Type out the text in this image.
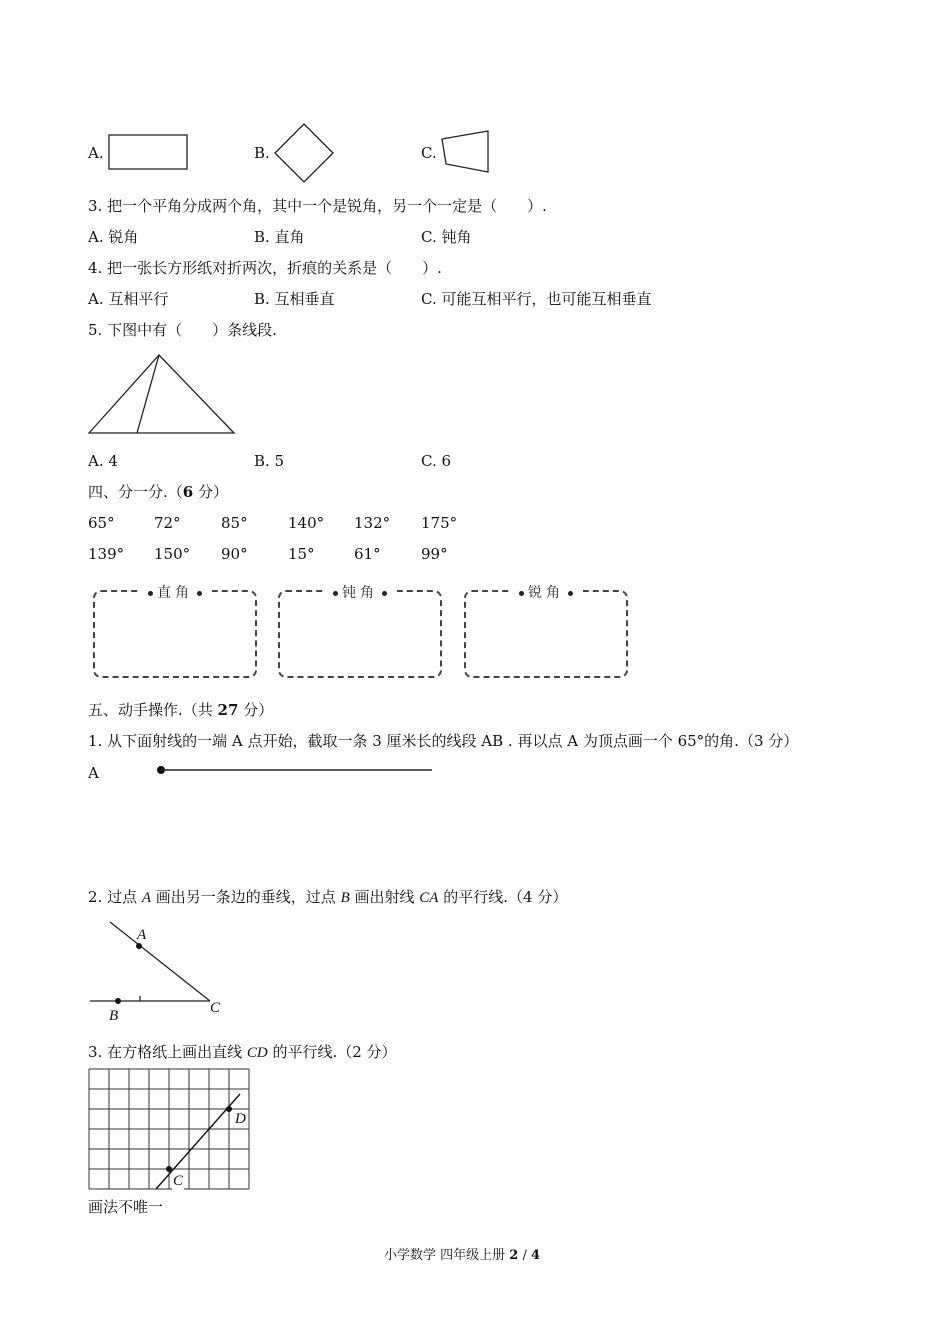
A.	B.	C.
3. 把一个平角分成两个角，其中一个是锐角，另一个一定是（　　）.
A. 锐角	B. 直角	C. 钝角
4. 把一张长方形纸对折两次，折痕的关系是（　　）.
A. 互相平行	B. 互相垂直	C. 可能互相平行，也可能互相垂直
5. 下图中有（　　）条线段.
A. 4	B. 5	C. 6
四、分一分.（6 分）
65°	72°	85°	140° 132° 175°
139° 150° 90°	15°	61°	99°
直角	钝角	锐角
五、动手操作.（共 27 分）
1. 从下面射线的一端 A 点开始，截取一条 3 厘米长的线段 AB . 再以点 A 为顶点画一个 65°的角.（3 分）
A
2. 过点 A 画出另一条边的垂线，过点 B 画出射线 CA 的平行线.（4 分）
A
B	C
3. 在方格纸上画出直线 CD 的平行线.（2 分）
D
C
画法不唯一
小学数学 四年级上册 2 / 4
